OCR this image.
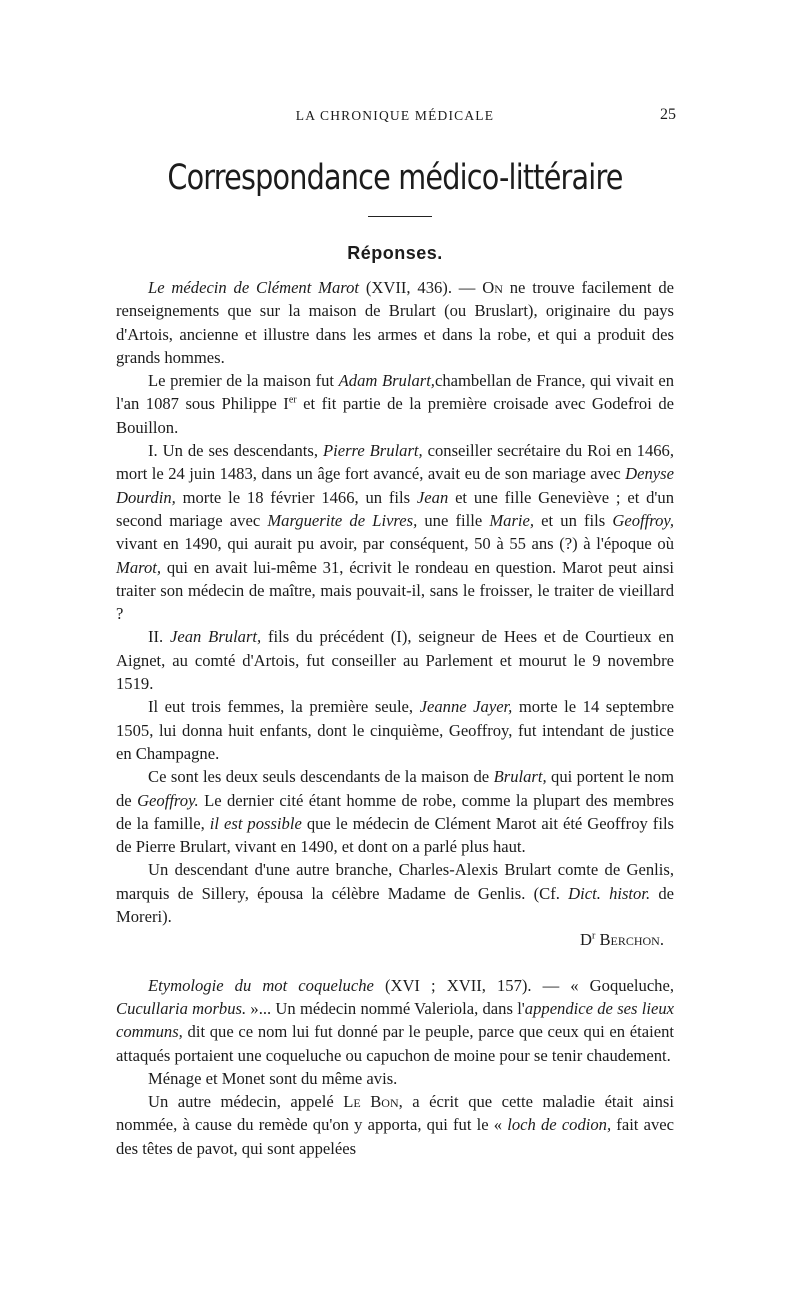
LA CHRONIQUE MÉDICALE	25
Correspondance médico-littéraire
Réponses.

Le médecin de Clément Marot (XVII, 436). — On ne trouve facilement de renseignements que sur la maison de Brulart (ou Bruslart), originaire du pays d'Artois, ancienne et illustre dans les armes et dans la robe, et qui a produit des grands hommes.

Le premier de la maison fut Adam Brulart,chambellan de France, qui vivait en l'an 1087 sous Philippe Ier et fit partie de la première croisade avec Godefroi de Bouillon.

I. Un de ses descendants, Pierre Brulart, conseiller secrétaire du Roi en 1466, mort le 24 juin 1483, dans un âge fort avancé, avait eu de son mariage avec Denyse Dourdin, morte le 18 février 1466, un fils Jean et une fille Geneviève ; et d'un second mariage avec Marguerite de Livres, une fille Marie, et un fils Geoffroy, vivant en 1490, qui aurait pu avoir, par conséquent, 50 à 55 ans (?) à l'époque où Marot, qui en avait lui-même 31, écrivit le rondeau en question. Marot peut ainsi traiter son médecin de maître, mais pouvait-il, sans le froisser, le traiter de vieillard ?

II. Jean Brulart, fils du précédent (I), seigneur de Hees et de Courtieux en Aignet, au comté d'Artois, fut conseiller au Parlement et mourut le 9 novembre 1519.

Il eut trois femmes, la première seule, Jeanne Jayer, morte le 14 septembre 1505, lui donna huit enfants, dont le cinquième, Geoffroy, fut intendant de justice en Champagne.

Ce sont les deux seuls descendants de la maison de Brulart, qui portent le nom de Geoffroy. Le dernier cité étant homme de robe, comme la plupart des membres de la famille, il est possible que le médecin de Clément Marot ait été Geoffroy fils de Pierre Brulart, vivant en 1490, et dont on a parlé plus haut.

Un descendant d'une autre branche, Charles-Alexis Brulart comte de Genlis, marquis de Sillery, épousa la célèbre Madame de Genlis. (Cf. Dict. histor. de Moreri).

$D^r$ Berchon.

Etymologie du mot coqueluche (XVI ; XVII, 157). — « Goqueluche, Cucullaria morbus. »... Un médecin nommé Valeriola, dans l'appendice de ses lieux communs, dit que ce nom lui fut donné par le peuple, parce que ceux qui en étaient attaqués portaient une coqueluche ou capuchon de moine pour se tenir chaudement.

Ménage et Monet sont du même avis.

Un autre médecin, appelé Le Bon, a écrit que cette maladie était ainsi nommée, à cause du remède qu'on y apporta, qui fut le « loch de codion, fait avec des têtes de pavot, qui sont appelées
